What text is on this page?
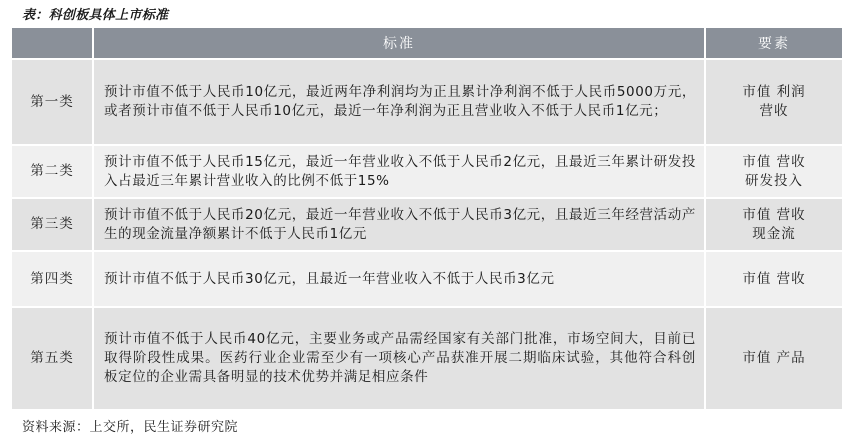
表：科创板具体上市标准
	标准	要素
第一类	预计市值不低于人民币10亿元，最近两年净利润均为正且累计净利润不低于人民币5000万元，或者预计市值不低于人民币10亿元，最近一年净利润为正且营业收入不低于人民币1亿元；	市值 利润
营收

第二类	预计市值不低于人民币15亿元，最近一年营业收入不低于人民币2亿元，且最近三年累计研发投入占最近三年累计营业收入的比例不低于15%	市值 营收
研发投入

第三类	预计市值不低于人民币20亿元，最近一年营业收入不低于人民币3亿元，且最近三年经营活动产生的现金流量净额累计不低于人民币1亿元	市值 营收
现金流

第四类	预计市值不低于人民币30亿元，且最近一年营业收入不低于人民币3亿元	市值 营收

第五类	预计市值不低于人民币40亿元，主要业务或产品需经国家有关部门批准，市场空间大，目前已取得阶段性成果。医药行业企业需至少有一项核心产品获准开展二期临床试验，其他符合科创板定位的企业需具备明显的技术优势并满足相应条件	市值 产品
资料来源：上交所，民生证券研究院
